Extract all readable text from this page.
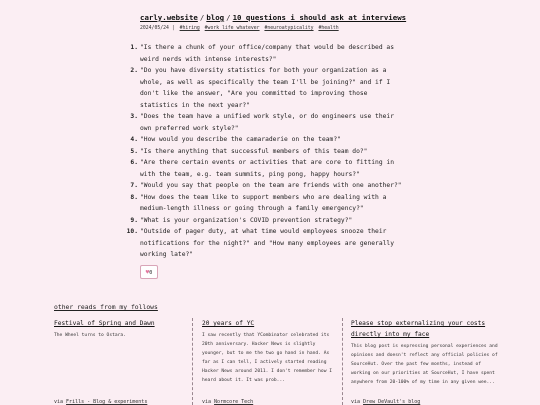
carly.website / blog / 10 questions i should ask at interviews
2024/05/24 | #hiring #work life whatever #neuroatypicality #health
1. "Is there a chunk of your office/company that would be described as weird nerds with intense interests?"
2. "Do you have diversity statistics for both your organization as a whole, as well as specifically the team I'll be joining?" and if I don't like the answer, "Are you committed to improving those statistics in the next year?"
3. "Does the team have a unified work style, or do engineers use their own preferred work style?"
4. "How would you describe the camaraderie on the team?"
5. "Is there anything that successful members of this team do?"
6. "Are there certain events or activities that are core to fitting in with the team, e.g. team summits, ping pong, happy hours?"
7. "Would you say that people on the team are friends with one another?"
8. "How does the team like to support members who are dealing with a medium-length illness or going through a family emergency?"
9. "What is your organization's COVID prevention strategy?"
10. "Outside of pager duty, at what time would employees snooze their notifications for the night?" and "How many employees are generally working late?"
♥0
other reads from my follows
Festival of Spring and Dawn
The Wheel turns to Ostara.
via Frills - Blog & experiments
20 years of YC
I saw recently that YCombinator celebrated its 20th anniversary. Hacker News is slightly younger, but to me the two go hand in hand. As far as I can tell, I actively started reading Hacker News around 2011. I don't remember how I heard about it. It was prob...
via Normcore Tech
Please stop externalizing your costs directly into my face
This blog post is expressing personal experiences and opinions and doesn't reflect any official policies of SourceHut. Over the past few months, instead of working on our priorities at SourceHut, I have spent anywhere from 20-100% of my time in any given wee...
via Drew DeVault's blog
